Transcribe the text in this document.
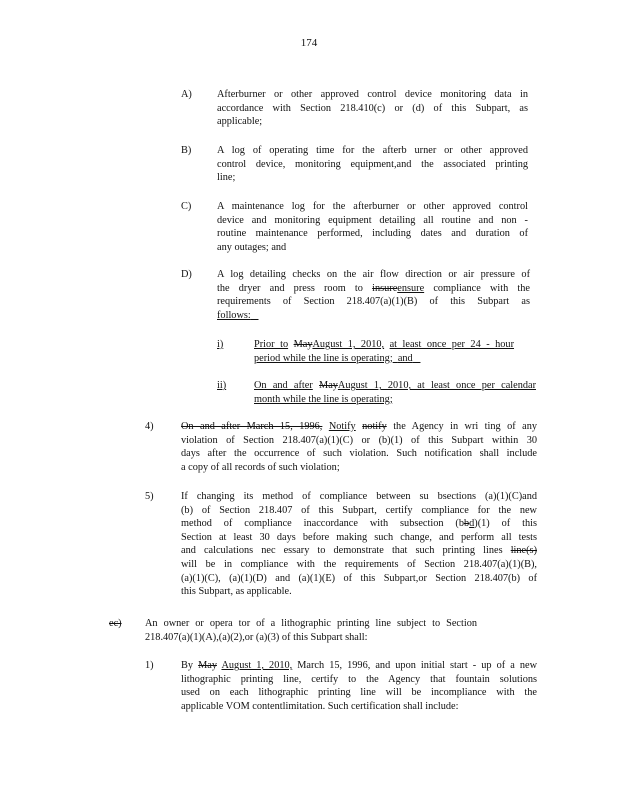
174
A) Afterburner or other approved control device monitoring data in
accordance with Section 218.410(c) or (d) of this Subpart, as
applicable;
B) A log of operating time for the afterb urner or other approved
control device, monitoring equipment,and the associated printing
line;
C) A maintenance log for the afterburner or other approved control
device and monitoring equipment detailing all routine and non -
routine maintenance performed, including dates and duration of
any outages; and
D) A log detailing checks on the air flow direction or air pressure of
the dryer and press room to insureensure compliance with the
requirements of Section 218.407(a)(1)(B) of this Subpart as
follows:
i)	Prior to MayAugust 1, 2010, at least once per 24 - hour
period while the line is operating; and
ii)	On and after MayAugust 1, 2010, at least once per calendar
month while the line is operating;
4)	On and after March 15, 1996, Notify notify the Agency in wri ting of any
violation of Section 218.407(a)(1)(C) or (b)(1) of this Subpart within 30
days after the occurrence of such violation. Such notification shall include
a copy of all records of such violation;
5)	If changing its method of compliance between su bsections (a)(1)(C)and
(b) of Section 218.407 of this Subpart, certify compliance for the new
method of compliance inaccordance with subsection (bbd)(1) of this
Section at least 30 days before making such change, and perform all tests
and calculations nec essary to demonstrate that such printing lines line(s)
will be in compliance with the requirements of Section 218.407(a)(1)(B),
(a)(1)(C), (a)(1)(D) and (a)(1)(E) of this Subpart,or Section 218.407(b) of
this Subpart, as applicable.
ec) An owner or opera tor of a lithographic printing line subject to Section
218.407(a)(1)(A),(a)(2),or (a)(3) of this Subpart shall:
1)	By May August 1, 2010, March 15, 1996, and upon initial start - up of a new
lithographic printing line, certify to the Agency that fountain solutions
used on each lithographic printing line will be incompliance with the
applicable VOM contentlimitation. Such certification shall include:
